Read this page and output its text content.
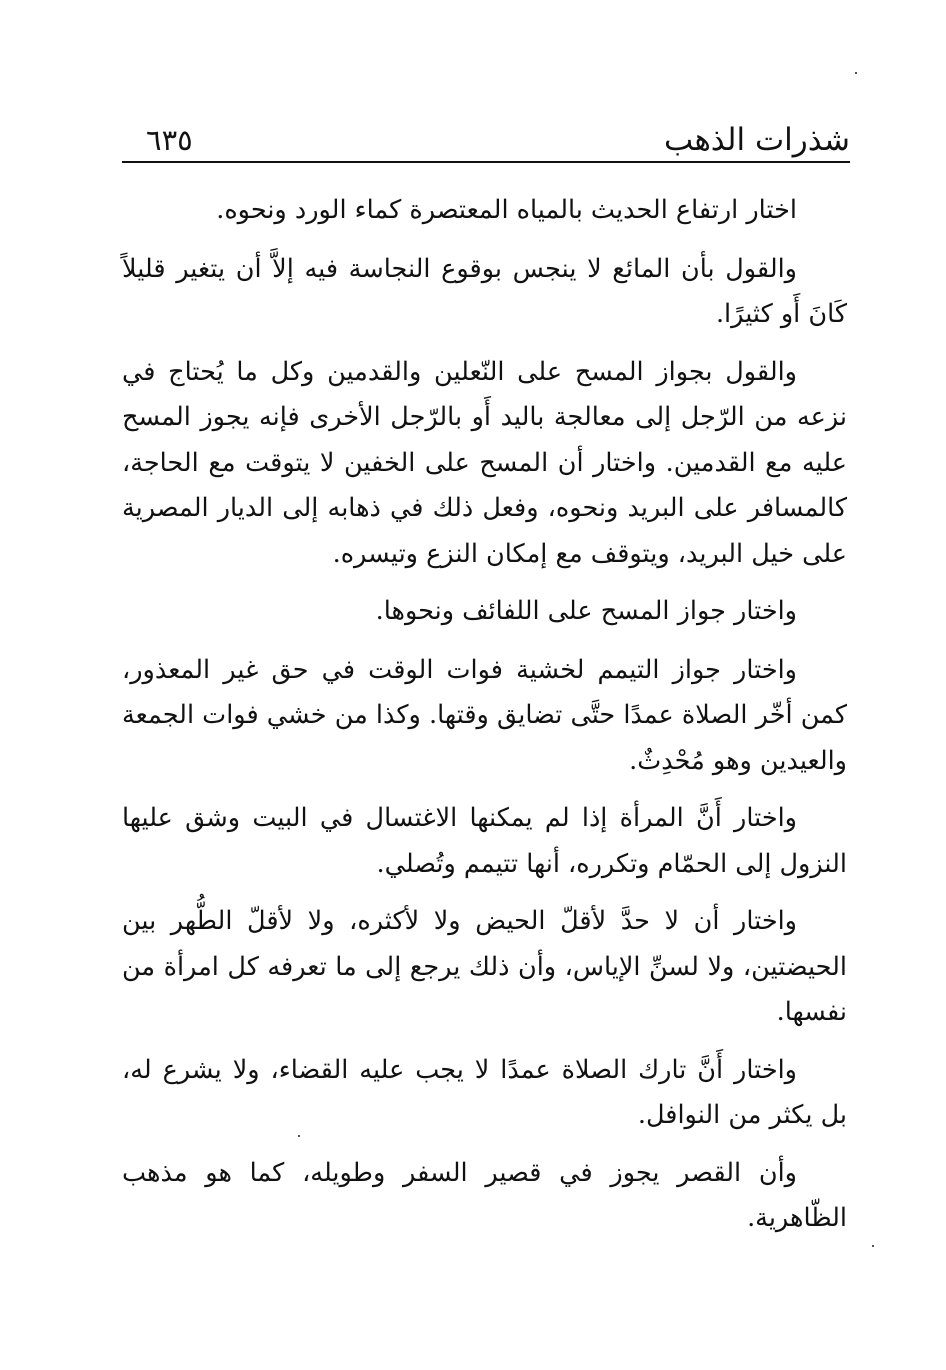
شذرات الذهب
٦٣٥

اختار ارتفاع الحديث بالمياه المعتصرة كماء الورد ونحوه.

والقول بأن المائع لا ينجس بوقوع النجاسة فيه إلاَّ أن يتغير قليلاً كَانَ أَو كثيرًا.

والقول بجواز المسح على النّعلين والقدمين وكل ما يُحتاج في نزعه من الرّجل إلى معالجة باليد أَو بالرّجل الأخرى فإنه يجوز المسح عليه مع القدمين. واختار أن المسح على الخفين لا يتوقت مع الحاجة، كالمسافر على البريد ونحوه، وفعل ذلك في ذهابه إلى الديار المصرية على خيل البريد، ويتوقف مع إمكان النزع وتيسره.

واختار جواز المسح على اللفائف ونحوها.

واختار جواز التيمم لخشية فوات الوقت في حق غير المعذور، كمن أخّر الصلاة عمدًا حتَّى تضايق وقتها. وكذا من خشي فوات الجمعة والعيدين وهو مُحْدِثٌ.

واختار أَنَّ المرأة إذا لم يمكنها الاغتسال في البيت وشق عليها النزول إلى الحمّام وتكرره، أنها تتيمم وتُصلي.

واختار أن لا حدَّ لأقلّ الحيض ولا لأكثره، ولا لأقلّ الطُّهر بين الحيضتين، ولا لسنِّ الإياس، وأن ذلك يرجع إلى ما تعرفه كل امرأة من نفسها.

واختار أَنَّ تارك الصلاة عمدًا لا يجب عليه القضاء، ولا يشرع له، بل يكثر من النوافل.

وأن القصر يجوز في قصير السفر وطويله، كما هو مذهب الظّاهرية.
